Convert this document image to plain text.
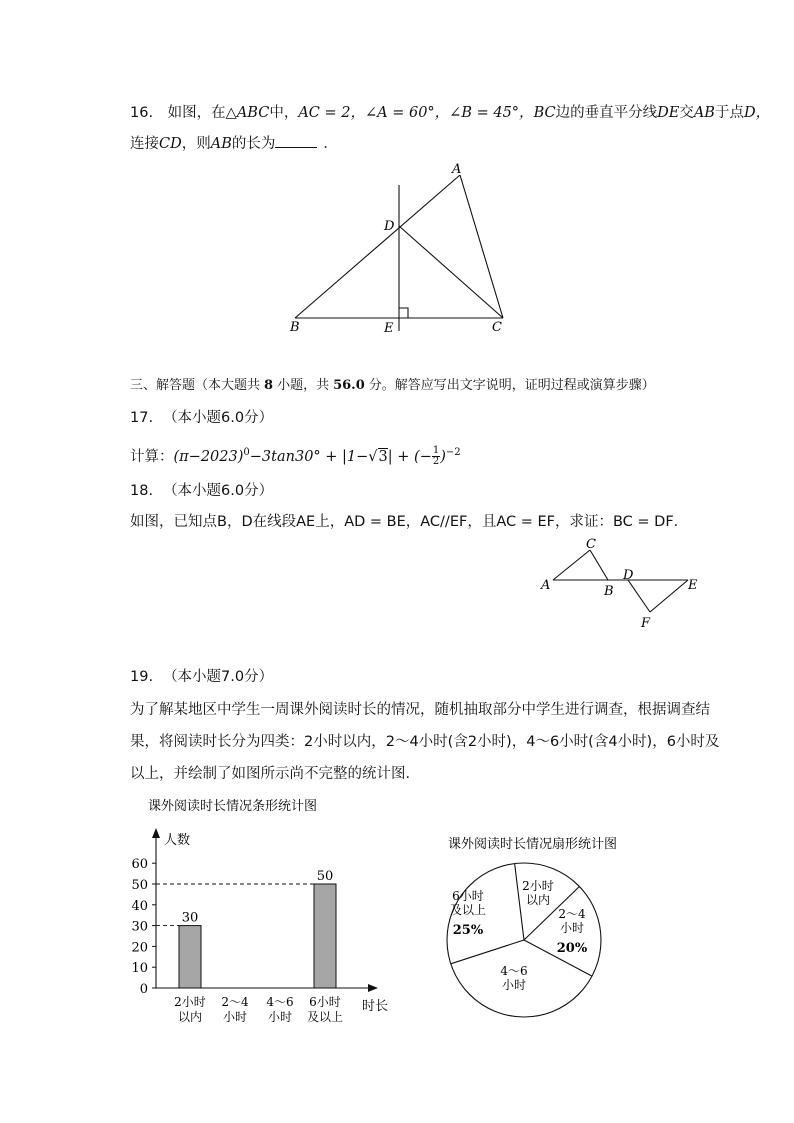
16. 如图，在△ABC中，AC = 2，∠A = 60°，∠B = 45°，BC边的垂直平分线DE交AB于点D，
连接CD，则AB的长为	．
A
B	C
D
E
三、解答题（本大题共 8 小题，共 56.0 分。解答应写出文字说明，证明过程或演算步骤）
17. （本小题6.0分）
计算：$(\pi-2023)^0-3\tan 30^\circ + |1-√3|$ + (− $\frac{1}{2} )^{-2}$
18. （本小题6.0分）
如图，已知点B，D在线段AE上，AD = BE，AC//EF，且AC = EF，求证：BC = DF．
A
C
B
D
E
F
19. （本小题7.0分）
为了解某地区中学生一周课外阅读时长的情况，随机抽取部分中学生进行调查，根据调查结
果，将阅读时长分为四类：2小时以内，2～4小时(含2小时)，4～6小时(含4小时)，6小时及
以上，并绘制了如图所示尚不完整的统计图．
课外阅读时长情况条形统计图
人数
时长
0
10
20
30
40
50
60
30
2小时
以内
2～4
小时
4～6
小时
50
6小时
及以上
课外阅读时长情况扇形统计图
2小时
以内
2～4
小时
20%
4～6
小时
6小时
及以上
25%
